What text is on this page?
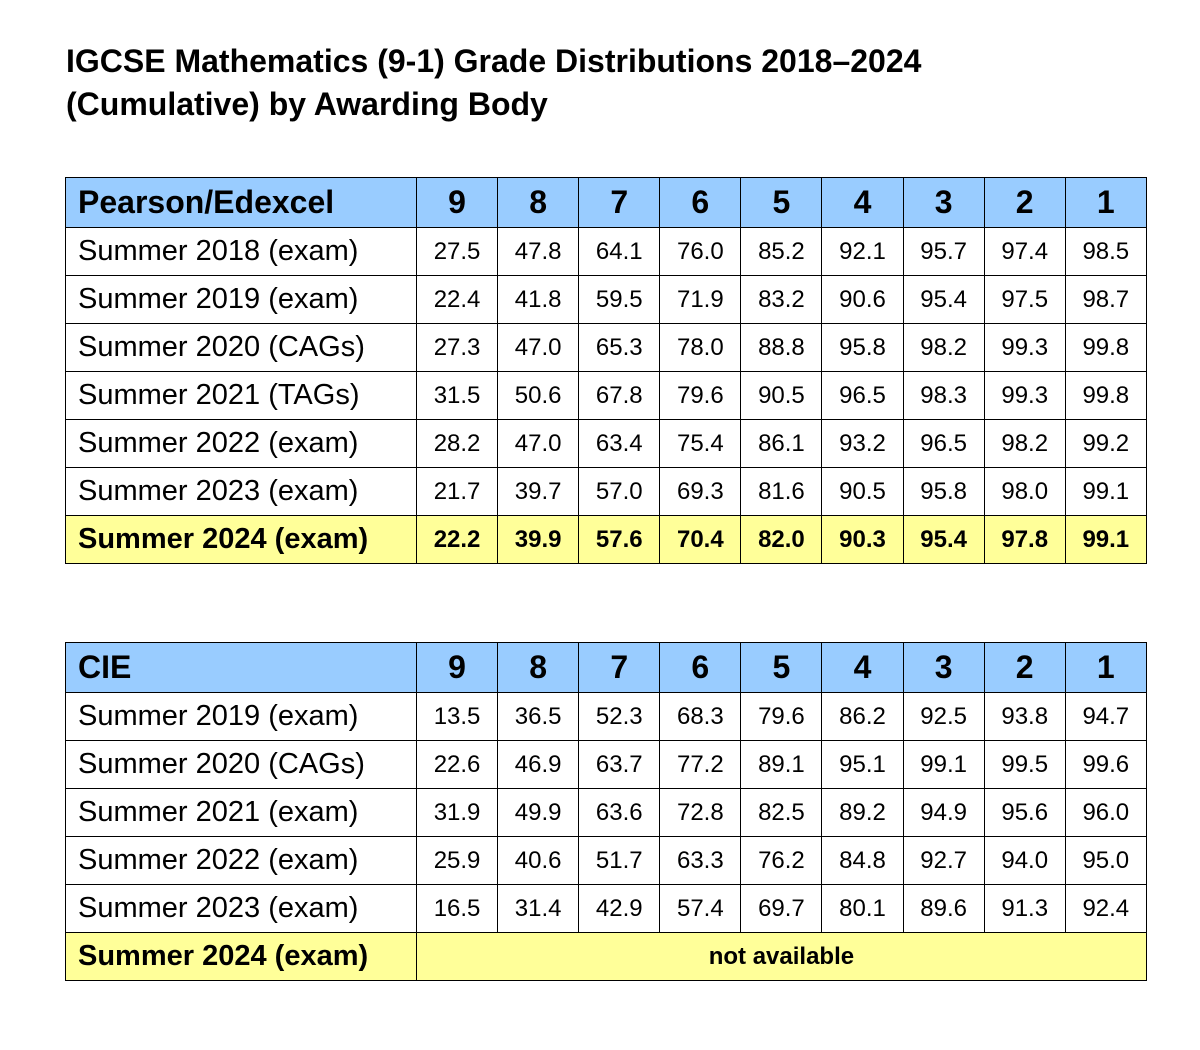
IGCSE Mathematics (9-1) Grade Distributions 2018–2024
(Cumulative) by Awarding Body
Pearson/Edexcel	9	8	7	6	5	4	3	2	1
Summer 2018 (exam)	27.5	47.8	64.1	76.0	85.2	92.1	95.7	97.4	98.5
Summer 2019 (exam)	22.4	41.8	59.5	71.9	83.2	90.6	95.4	97.5	98.7
Summer 2020 (CAGs)	27.3	47.0	65.3	78.0	88.8	95.8	98.2	99.3	99.8
Summer 2021 (TAGs)	31.5	50.6	67.8	79.6	90.5	96.5	98.3	99.3	99.8
Summer 2022 (exam)	28.2	47.0	63.4	75.4	86.1	93.2	96.5	98.2	99.2
Summer 2023 (exam)	21.7	39.7	57.0	69.3	81.6	90.5	95.8	98.0	99.1
Summer 2024 (exam)	22.2	39.9	57.6	70.4	82.0	90.3	95.4	97.8	99.1
CIE	9	8	7	6	5	4	3	2	1
Summer 2019 (exam)	13.5	36.5	52.3	68.3	79.6	86.2	92.5	93.8	94.7
Summer 2020 (CAGs)	22.6	46.9	63.7	77.2	89.1	95.1	99.1	99.5	99.6
Summer 2021 (exam)	31.9	49.9	63.6	72.8	82.5	89.2	94.9	95.6	96.0
Summer 2022 (exam)	25.9	40.6	51.7	63.3	76.2	84.8	92.7	94.0	95.0
Summer 2023 (exam)	16.5	31.4	42.9	57.4	69.7	80.1	89.6	91.3	92.4
Summer 2024 (exam)	not available								
